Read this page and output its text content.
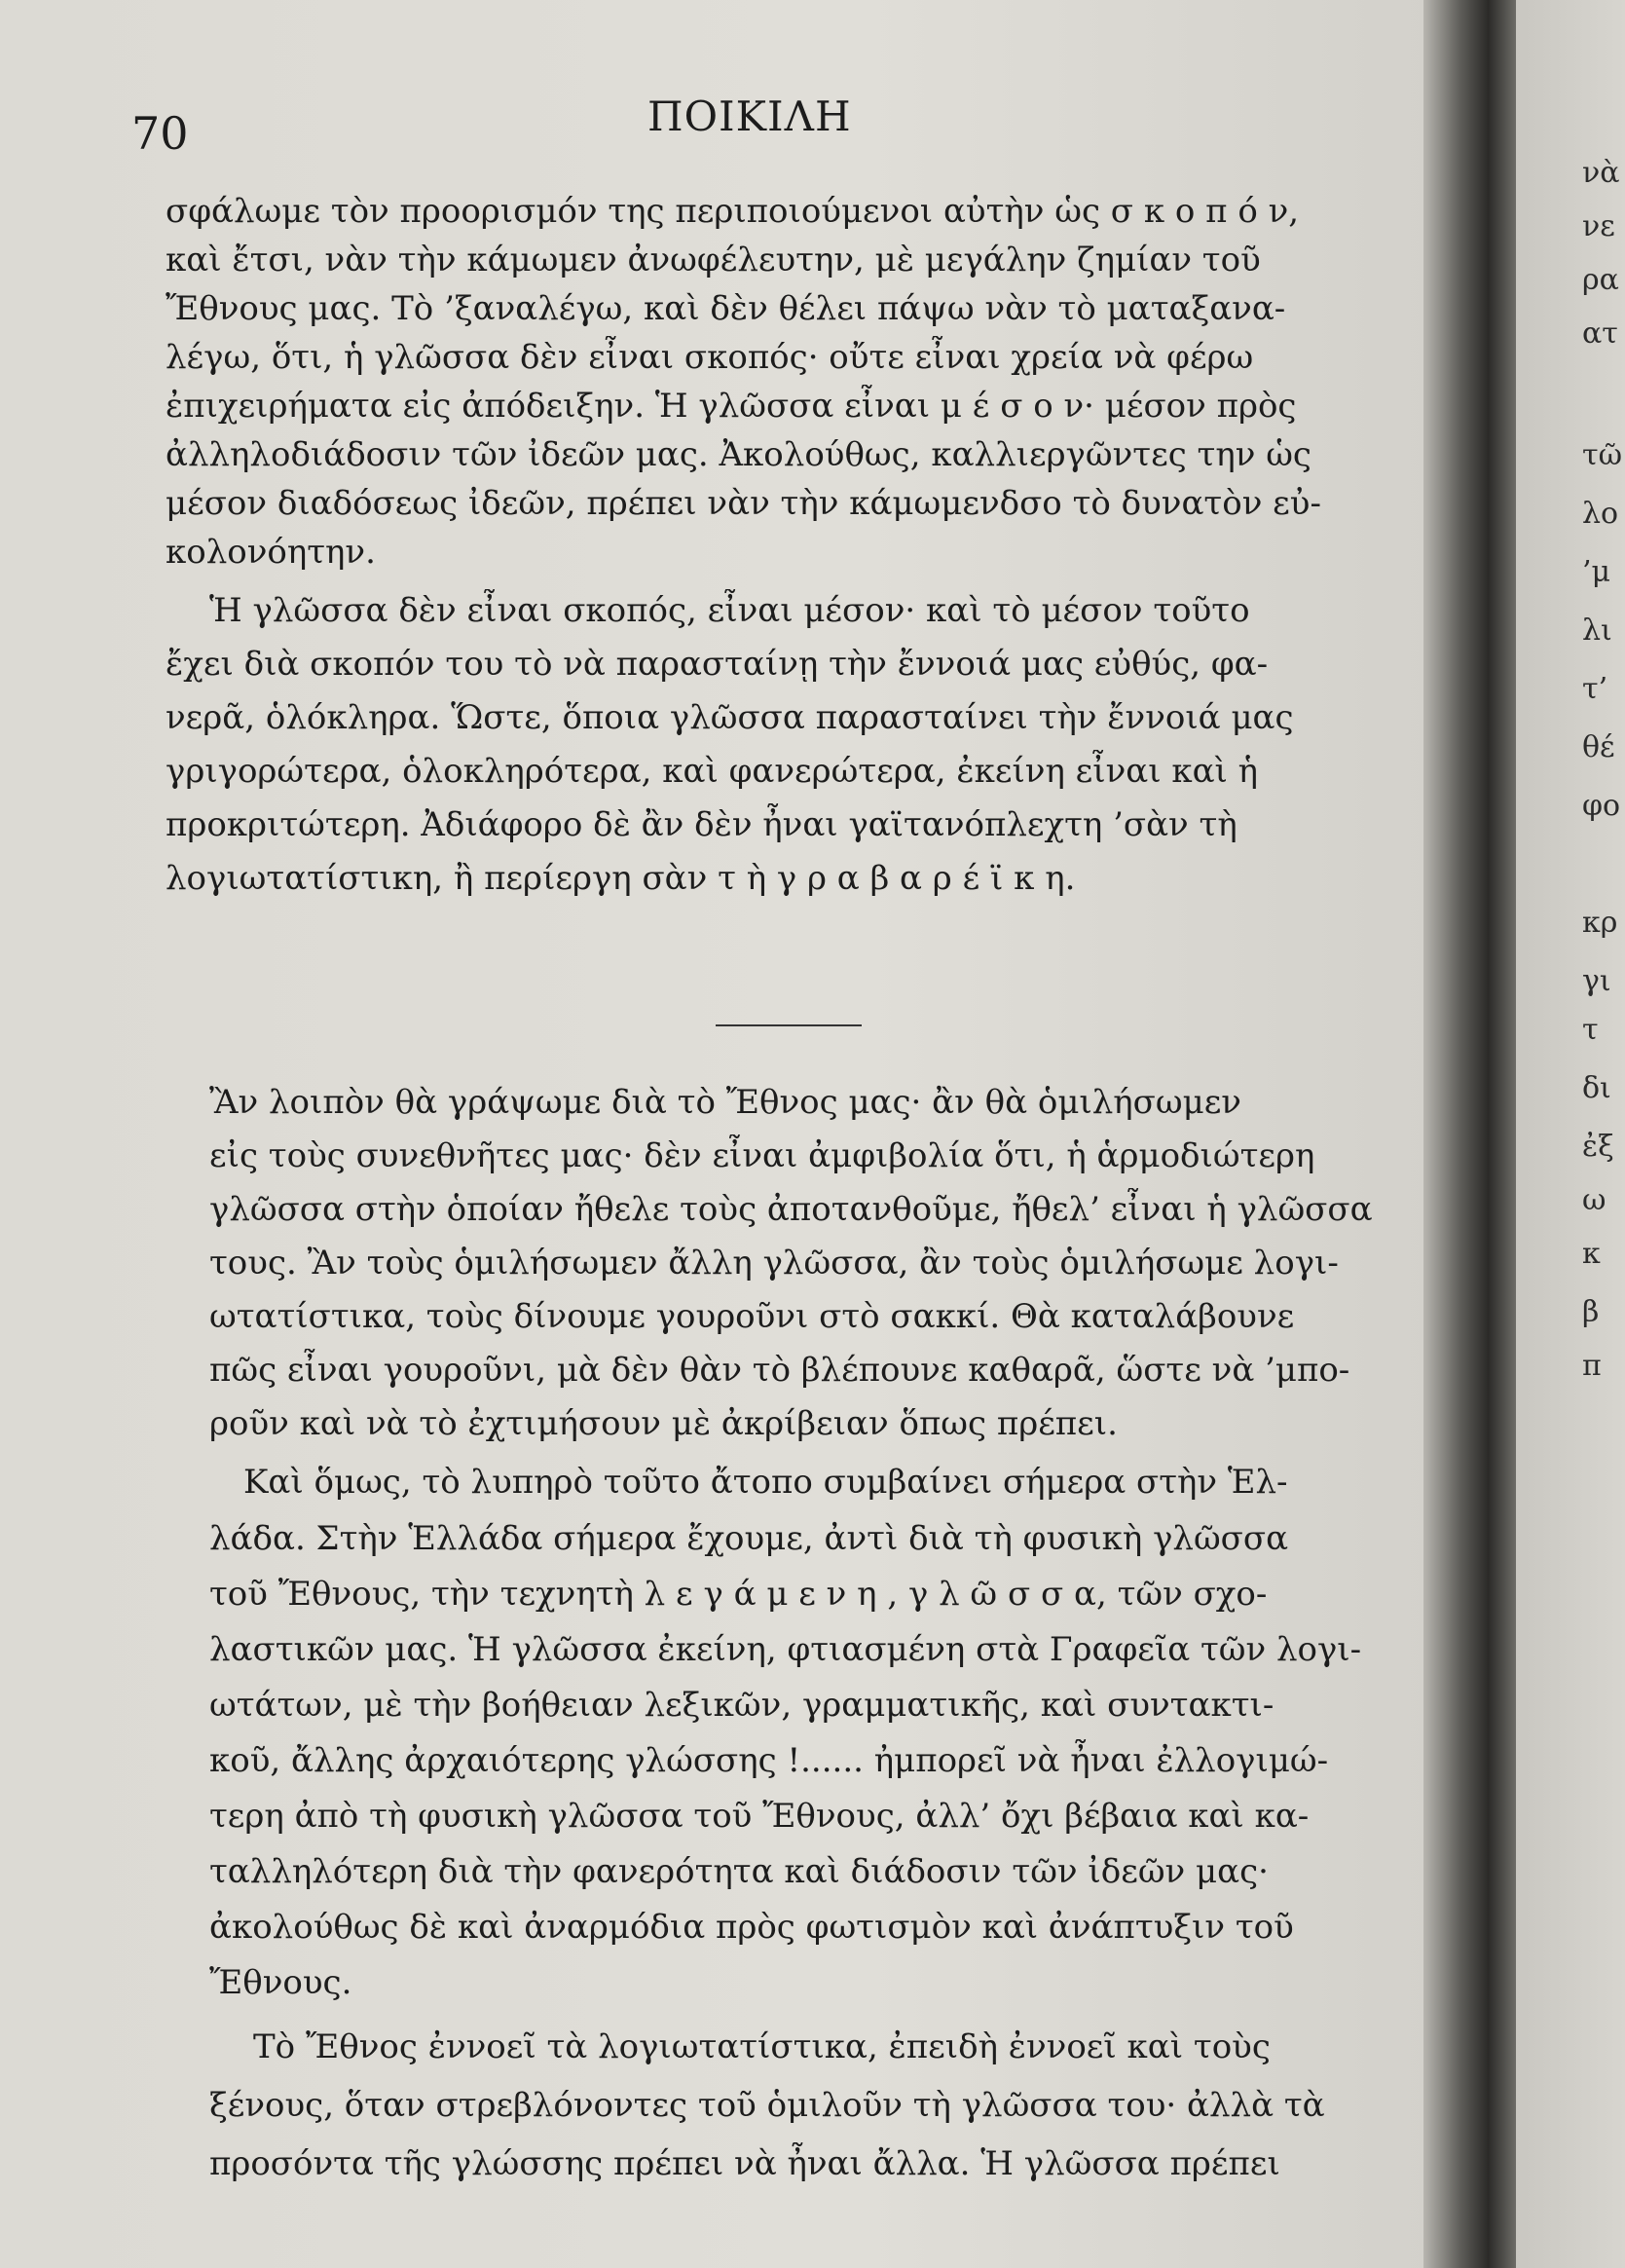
70	ΠΟΙΚΙΛΗ
σφάλωμε τὸν προορισμόν της περιποιούμενοι αὐτὴν ὡς σ κ ο π ό ν,
καὶ ἔτσι, νὰν τὴν κάμωμεν ἀνωφέλευτην, μὲ μεγάλην ζημίαν τοῦ
Ἔθνους μας. Τὸ ’ξαναλέγω, καὶ δὲν θέλει πάψω νὰν τὸ ματαξανα-
λέγω, ὅτι, ἡ γλῶσσα δὲν εἶναι σκοπός· οὔτε εἶναι χρεία νὰ φέρω
ἐπιχειρήματα εἰς ἀπόδειξην. Ἡ γλῶσσα εἶναι μ έ σ ο ν· μέσον πρὸς
ἀλληλοδιάδοσιν τῶν ἰδεῶν μας. Ἀκολούθως, καλλιεργῶντες την ὡς
μέσον διαδόσεως ἰδεῶν, πρέπει νὰν τὴν κάμωμενδσο τὸ δυνατὸν εὐ-
κολονόητην.
Ἡ γλῶσσα δὲν εἶναι σκοπός, εἶναι μέσον· καὶ τὸ μέσον τοῦτο
ἔχει διὰ σκοπόν του τὸ νὰ παρασταίνῃ τὴν ἔννοιά μας εὐθύς, φα-
νερᾶ, ὁλόκληρα. Ὥστε, ὅποια γλῶσσα παρασταίνει τὴν ἔννοιά μας
γριγορώτερα, ὁλοκληρότερα, καὶ φανερώτερα, ἐκείνη εἶναι καὶ ἡ
προκριτώτερη. Ἀδιάφορο δὲ ἂν δὲν ἦναι γαϊτανόπλεχτη ’σὰν τὴ
λογιωτατίστικη, ἢ περίεργη σὰν τ ὴ γ ρ α β α ρ έ ϊ κ η.
Ἂν λοιπὸν θὰ γράψωμε διὰ τὸ Ἔθνος μας· ἂν θὰ ὁμιλήσωμεν
εἰς τοὺς συνεθνῆτες μας· δὲν εἶναι ἀμφιβολία ὅτι, ἡ ἁρμοδιώτερη
γλῶσσα στὴν ὁποίαν ἤθελε τοὺς ἀποτανθοῦμε, ἤθελ’ εἶναι ἡ γλῶσσα
τους. Ἂν τοὺς ὁμιλήσωμεν ἄλλη γλῶσσα, ἂν τοὺς ὁμιλήσωμε λογι-
ωτατίστικα, τοὺς δίνουμε γουροῦνι στὸ σακκί. Θὰ καταλάβουνε
πῶς εἶναι γουροῦνι, μὰ δὲν θὰν τὸ βλέπουνε καθαρᾶ, ὥστε νὰ ’μπο-
ροῦν καὶ νὰ τὸ ἐχτιμήσουν μὲ ἀκρίβειαν ὅπως πρέπει.
Καὶ ὅμως, τὸ λυπηρὸ τοῦτο ἄτοπο συμβαίνει σήμερα στὴν Ἑλ-
λάδα. Στὴν Ἑλλάδα σήμερα ἔχουμε, ἀντὶ διὰ τὴ φυσικὴ γλῶσσα
τοῦ Ἔθνους, τὴν τεχνητὴ λ ε γ ά μ ε ν η , γ λ ῶ σ σ α, τῶν σχο-
λαστικῶν μας. Ἡ γλῶσσα ἐκείνη, φτιασμένη στὰ Γραφεῖα τῶν λογι-
ωτάτων, μὲ τὴν βοήθειαν λεξικῶν, γραμματικῆς, καὶ συντακτι-
κοῦ, ἄλλης ἀρχαιότερης γλώσσης !...... ἠμπορεῖ νὰ ἦναι ἐλλογιμώ-
τερη ἀπὸ τὴ φυσικὴ γλῶσσα τοῦ Ἔθνους, ἀλλ’ ὄχι βέβαια καὶ κα-
ταλληλότερη διὰ τὴν φανερότητα καὶ διάδοσιν τῶν ἰδεῶν μας·
ἀκολούθως δὲ καὶ ἀναρμόδια πρὸς φωτισμὸν καὶ ἀνάπτυξιν τοῦ
Ἔθνους.
Τὸ Ἔθνος ἐννοεῖ τὰ λογιωτατίστικα, ἐπειδὴ ἐννοεῖ καὶ τοὺς
ξένους, ὅταν στρεβλόνοντες τοῦ ὁμιλοῦν τὴ γλῶσσα του· ἀλλὰ τὰ
προσόντα τῆς γλώσσης πρέπει νὰ ἦναι ἄλλα. Ἡ γλῶσσα πρέπει
νὰ
νε
ρα
ατ
τῶ
λο
’μ
λι
τ’
θέ
φο
κρ
γι
τ
δι
ἐξ
ω
κ
β
π
